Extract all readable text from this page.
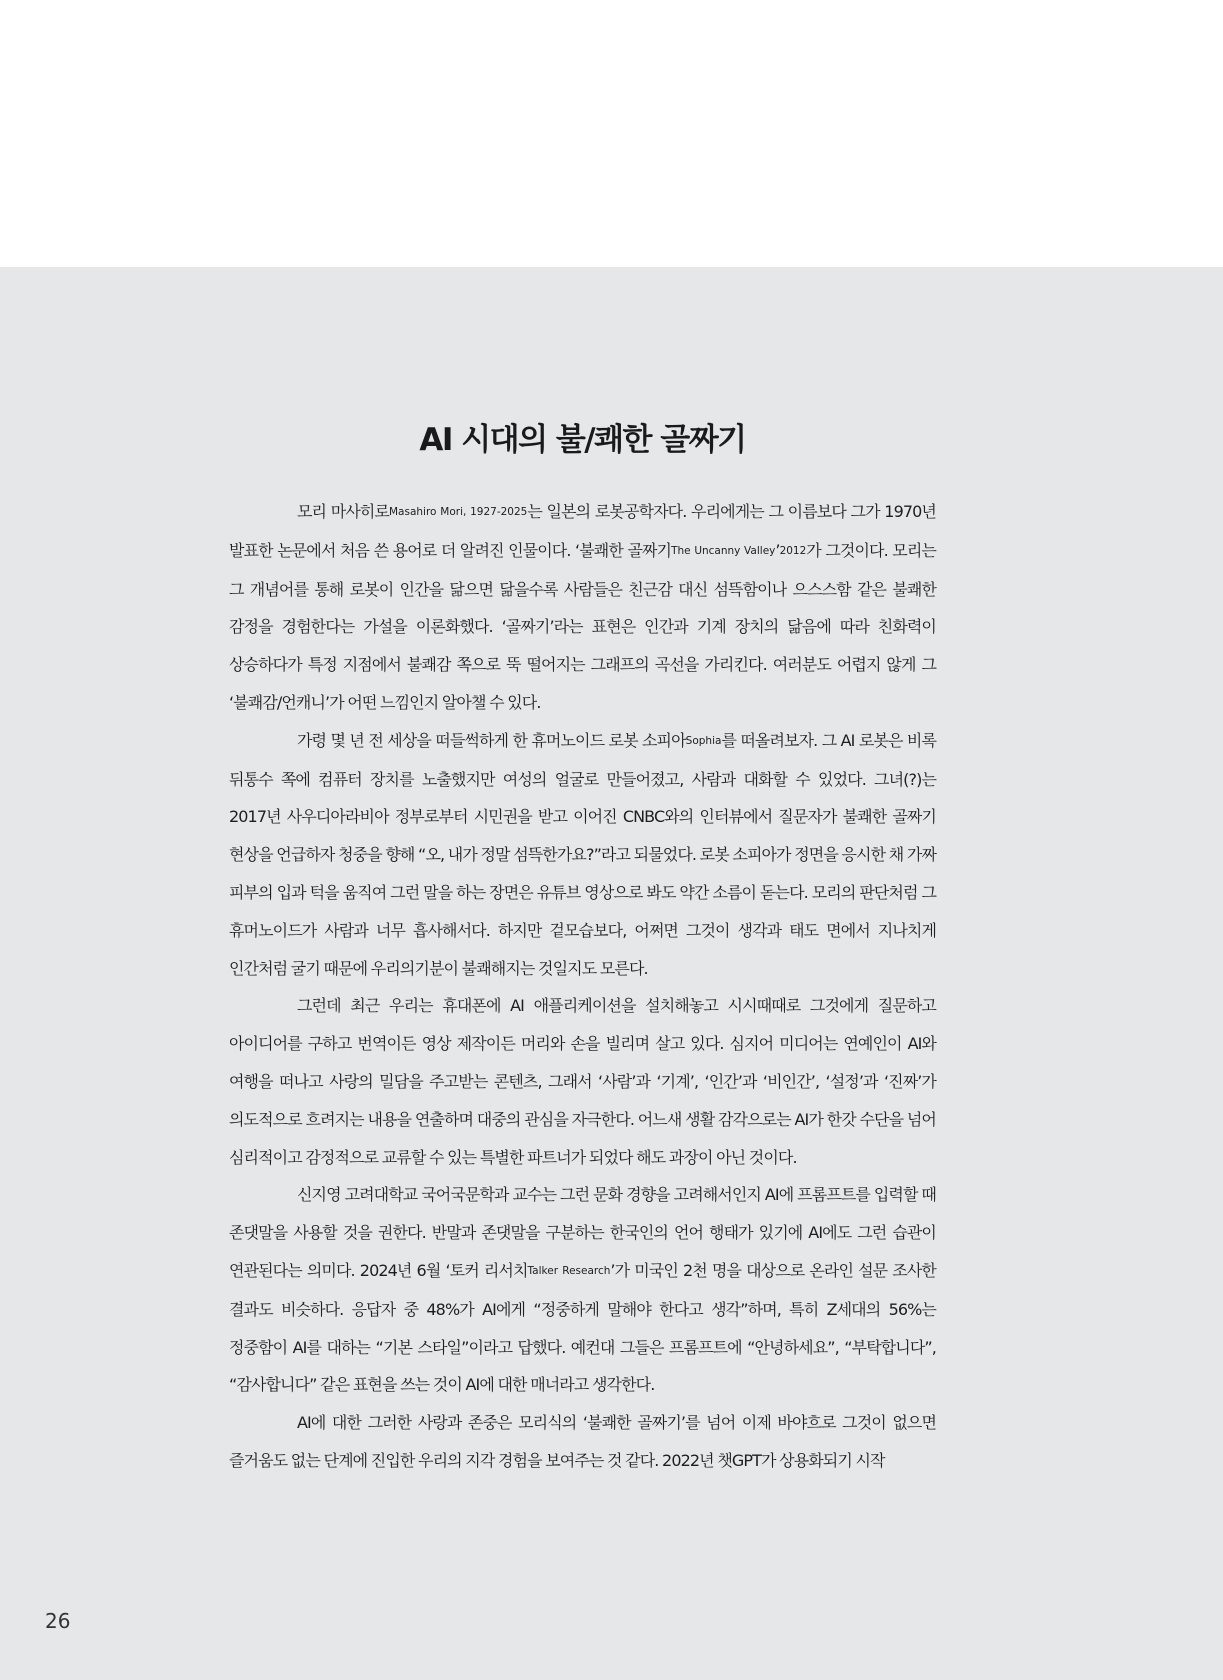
AI 시대의 불/쾌한 골짜기

모리 마사히로Masahiro Mori, 1927-2025는 일본의 로봇공학자다. 우리에게는 그 이름보다 그가 1970년 발표한 논문에서 처음 쓴 용어로 더 알려진 인물이다. ‘불쾌한 골짜기The Uncanny Valley’2012가 그것이다. 모리는 그 개념어를 통해 로봇이 인간을 닮으면 닮을수록 사람들은 친근감 대신 섬뜩함이나 으스스함 같은 불쾌한 감정을 경험한다는 가설을 이론화했다. ‘골짜기’라는 표현은 인간과 기계 장치의 닮음에 따라 친화력이 상승하다가 특정 지점에서 불쾌감 쪽으로 뚝 떨어지는 그래프의 곡선을 가리킨다. 여러분도 어렵지 않게 그 ‘불쾌감/언캐니’가 어떤 느낌인지 알아챌 수 있다.

가령 몇 년 전 세상을 떠들썩하게 한 휴머노이드 로봇 소피아Sophia를 떠올려보자. 그 AI 로봇은 비록 뒤통수 쪽에 컴퓨터 장치를 노출했지만 여성의 얼굴로 만들어졌고, 사람과 대화할 수 있었다. 그녀(?)는 2017년 사우디아라비아 정부로부터 시민권을 받고 이어진 CNBC와의 인터뷰에서 질문자가 불쾌한 골짜기 현상을 언급하자 청중을 향해 “오, 내가 정말 섬뜩한가요?”라고 되물었다. 로봇 소피아가 정면을 응시한 채 가짜 피부의 입과 턱을 움직여 그런 말을 하는 장면은 유튜브 영상으로 봐도 약간 소름이 돋는다. 모리의 판단처럼 그 휴머노이드가 사람과 너무 흡사해서다. 하지만 겉모습보다, 어쩌면 그것이 생각과 태도 면에서 지나치게 인간처럼 굴기 때문에 우리의기분이 불쾌해지는 것일지도 모른다.

그런데 최근 우리는 휴대폰에 AI 애플리케이션을 설치해놓고 시시때때로 그것에게 질문하고 아이디어를 구하고 번역이든 영상 제작이든 머리와 손을 빌리며 살고 있다. 심지어 미디어는 연예인이 AI와 여행을 떠나고 사랑의 밀담을 주고받는 콘텐츠, 그래서 ‘사람’과 ‘기계’, ‘인간’과 ‘비인간’, ‘설정’과 ‘진짜’가 의도적으로 흐려지는 내용을 연출하며 대중의 관심을 자극한다. 어느새 생활 감각으로는 AI가 한갓 수단을 넘어 심리적이고 감정적으로 교류할 수 있는 특별한 파트너가 되었다 해도 과장이 아닌 것이다.

신지영 고려대학교 국어국문학과 교수는 그런 문화 경향을 고려해서인지 AI에 프롬프트를 입력할 때 존댓말을 사용할 것을 권한다. 반말과 존댓말을 구분하는 한국인의 언어 행태가 있기에 AI에도 그런 습관이 연관된다는 의미다. 2024년 6월 ‘토커 리서치Talker Research’가 미국인 2천 명을 대상으로 온라인 설문 조사한 결과도 비슷하다. 응답자 중 48%가 AI에게 “정중하게 말해야 한다고 생각”하며, 특히 Z세대의 56%는 정중함이 AI를 대하는 “기본 스타일”이라고 답했다. 예컨대 그들은 프롬프트에 “안녕하세요”, “부탁합니다”, “감사합니다” 같은 표현을 쓰는 것이 AI에 대한 매너라고 생각한다.

AI에 대한 그러한 사랑과 존중은 모리식의 ‘불쾌한 골짜기’를 넘어 이제 바야흐로 그것이 없으면 즐거움도 없는 단계에 진입한 우리의 지각 경험을 보여주는 것 같다. 2022년 챗GPT가 상용화되기 시작

26
